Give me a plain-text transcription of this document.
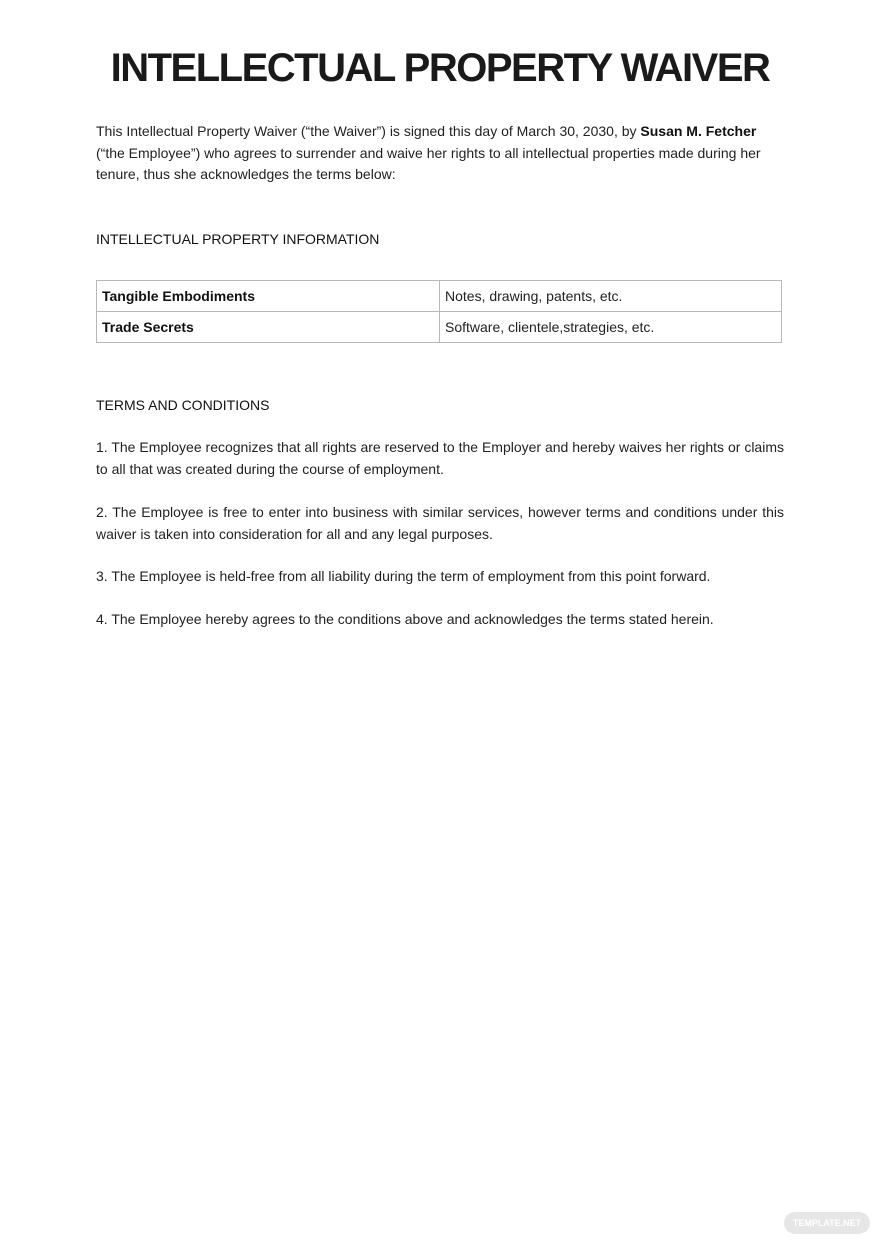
INTELLECTUAL PROPERTY WAIVER
This Intellectual Property Waiver (“the Waiver”) is signed this day of March 30, 2030, by Susan M. Fetcher (“the Employee”) who agrees to surrender and waive her rights to all intellectual properties made during her tenure, thus she acknowledges the terms below:
INTELLECTUAL PROPERTY INFORMATION
Tangible Embodiments	Notes, drawing, patents, etc.
Trade Secrets	Software, clientele,strategies, etc.
TERMS AND CONDITIONS
1. The Employee recognizes that all rights are reserved to the Employer and hereby waives her rights or claims to all that was created during the course of employment.
2. The Employee is free to enter into business with similar services, however terms and conditions under this waiver is taken into consideration for all and any legal purposes.
3. The Employee is held-free from all liability during the term of employment from this point forward.
4. The Employee hereby agrees to the conditions above and acknowledges the terms stated herein.
TEMPLATE.NET
